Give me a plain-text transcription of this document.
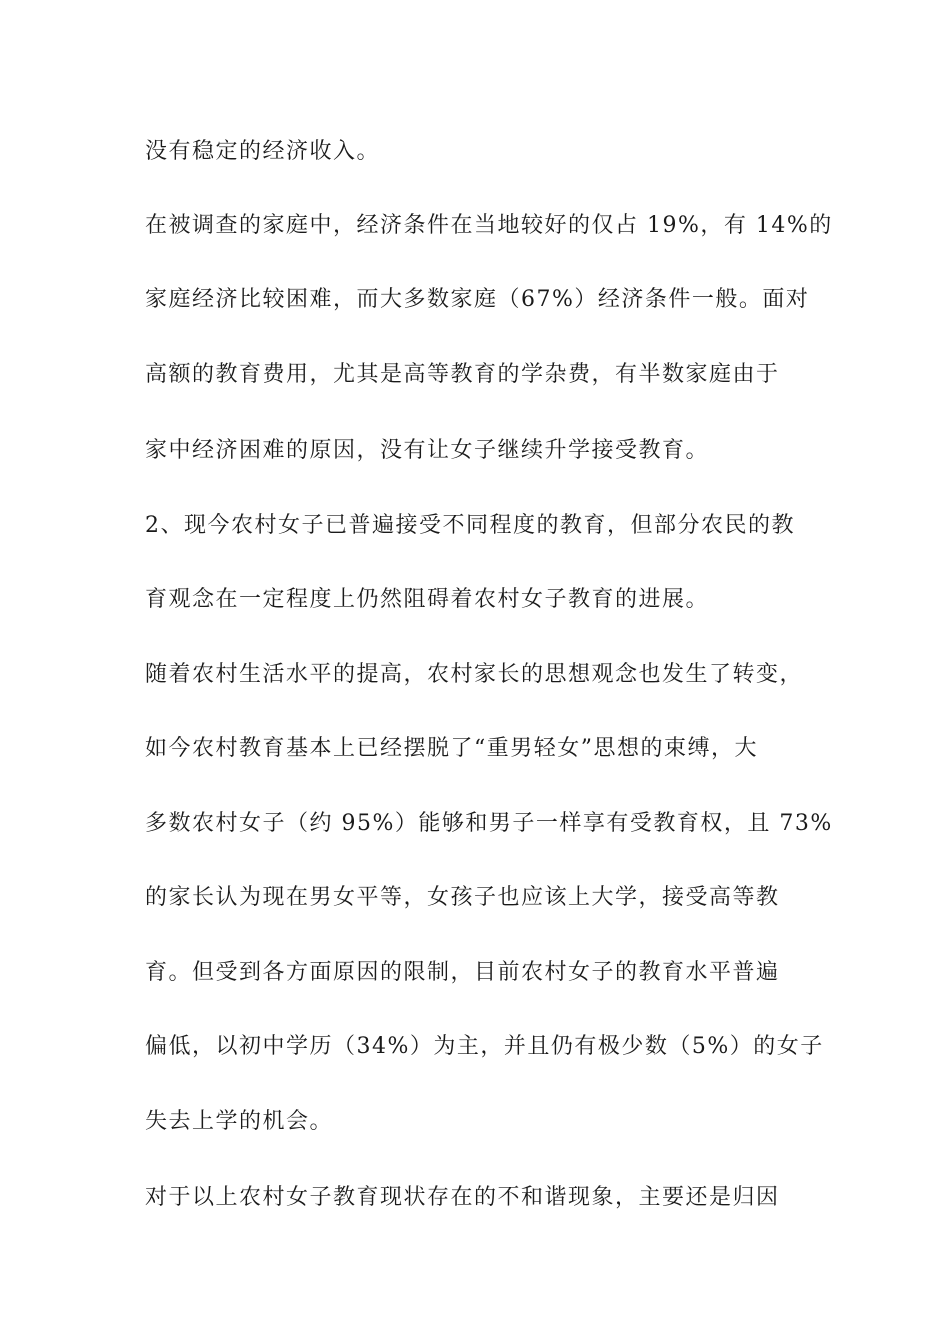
没有稳定的经济收入。
在被调查的家庭中，经济条件在当地较好的仅占 19%，有 14%的
家庭经济比较困难，而大多数家庭（67%）经济条件一般。面对
高额的教育费用，尤其是高等教育的学杂费，有半数家庭由于
家中经济困难的原因，没有让女子继续升学接受教育。
2、现今农村女子已普遍接受不同程度的教育，但部分农民的教
育观念在一定程度上仍然阻碍着农村女子教育的进展。
随着农村生活水平的提高，农村家长的思想观念也发生了转变，
如今农村教育基本上已经摆脱了“重男轻女”思想的束缚，大
多数农村女子（约 95%）能够和男子一样享有受教育权，且 73%
的家长认为现在男女平等，女孩子也应该上大学，接受高等教
育。但受到各方面原因的限制，目前农村女子的教育水平普遍
偏低，以初中学历（34%）为主，并且仍有极少数（5%）的女子
失去上学的机会。
对于以上农村女子教育现状存在的不和谐现象，主要还是归因
